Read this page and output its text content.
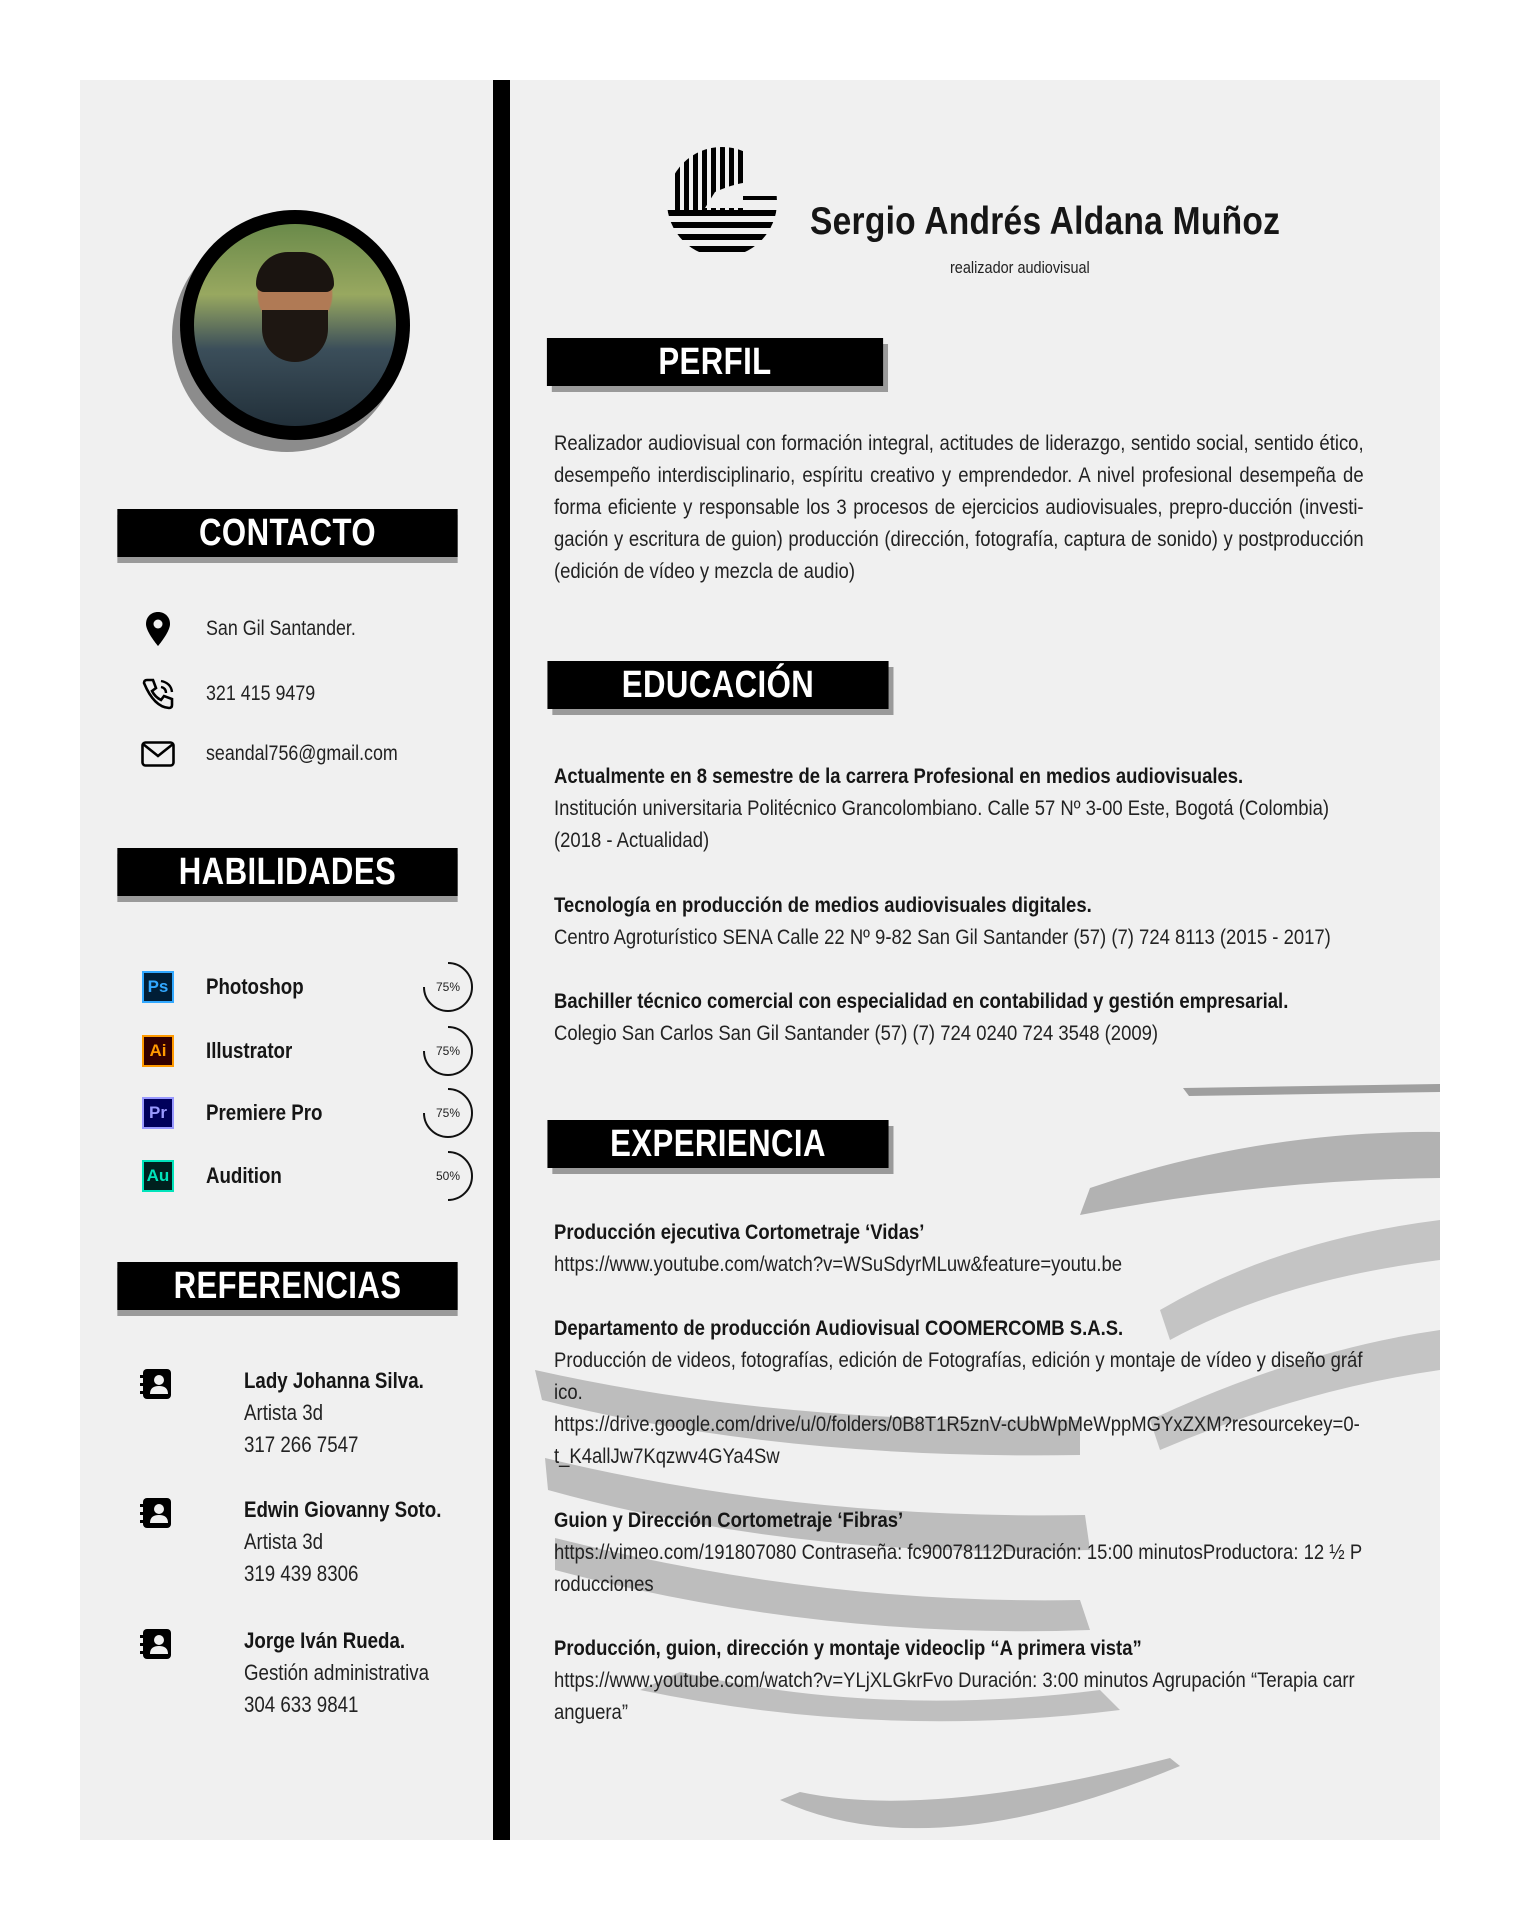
Sergio Andrés Aldana Muñoz
realizador audiovisual
CONTACTO
San Gil Santander.
321 415 9479
seandal756@gmail.com
HABILIDADES
Ps Photoshop	75%
Ai	Illustrator	75%
Pr	Premiere Pro	75%
Au Audition	50%
REFERENCIAS
Lady Johanna Silva.
Artista 3d
317 266 7547
Edwin Giovanny Soto.
Artista 3d
319 439 8306
Jorge Iván Rueda.
Gestión administrativa
304 633 9841
PERFIL
Realizador audiovisual con formación integral, actitudes de liderazgo, sentido social, sentido ético, desempeño interdisciplinario, espíritu creativo y emprendedor. A nivel profesional desempeña de forma eficiente y responsable los 3 procesos de ejercicios audiovisuales, prepro-ducción (investi-gación y escritura de guion) producción (dirección, fotografía, captura de sonido) y postproducción (edición de vídeo y mezcla de audio)
EDUCACIÓN
Actualmente en 8 semestre de la carrera Profesional en medios audiovisuales.
Institución universitaria Politécnico Grancolombiano. Calle 57 Nº 3-00 Este, Bogotá (Colombia)
(2018 - Actualidad)
Tecnología en producción de medios audiovisuales digitales.
Centro Agroturístico SENA Calle 22 Nº 9-82 San Gil Santander (57) (7) 724 8113 (2015 - 2017)
Bachiller técnico comercial con especialidad en contabilidad y gestión empresarial.
Colegio San Carlos San Gil Santander (57) (7) 724 0240 724 3548 (2009)
EXPERIENCIA
Producción ejecutiva Cortometraje ‘Vidas’
https://www.youtube.com/watch?v=WSuSdyrMLuw&feature=youtu.be
Departamento de producción Audiovisual COOMERCOMB S.A.S.
Producción de videos, fotografías, edición de Fotografías, edición y montaje de vídeo y diseño gráfico.
https://drive.google.com/drive/u/0/folders/0B8T1R5znV-cUbWpMeWppMGYxZXM?resourcekey=0-t_K4allJw7Kqzwv4GYa4Sw
Guion y Dirección Cortometraje ‘Fibras’
https://vimeo.com/191807080 Contraseña: fc90078112Duración: 15:00 minutosProductora: 12 ½ Producciones
Producción, guion, dirección y montaje videoclip “A primera vista”
https://www.youtube.com/watch?v=YLjXLGkrFvo Duración: 3:00 minutos Agrupación “Terapia carranguera”
